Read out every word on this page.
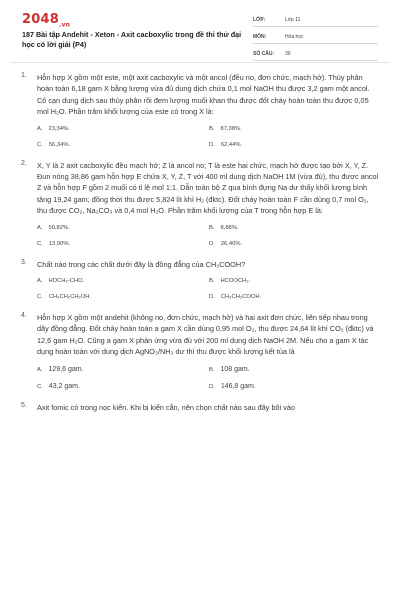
$2048_{.vn}$
187 Bài tập Andehit - Xeton - Axit cacboxylic trong đề thi thử đại học có lời giải (P4)
LỚP:	Lớp 11
MÔN:	Hóa học
SỐ CÂU:	30
1. Hỗn hợp X gồm một este, một axit cacboxylic và một ancol (đều no, đơn chức, mạch hở). Thủy phân hoàn toàn 6,18 gam X bằng lượng vừa đủ dung dịch chứa 0,1 mol NaOH thu được 3,2 gam một ancol. Cô cạn dung dịch sau thủy phân rồi đem lượng muối khan thu được đốt cháy hoàn toàn thu được 0,05 mol H₂O. Phần trăm khối lượng của este có trong X là:
A. 23,34%.	B. 87,38%.
C. 56,34%.	D. 62,44%.
2. X, Y là 2 axit cacboxylic đều mạch hở; Z là ancol no; T là este hai chức, mạch hở được tạo bởi X, Y, Z. Đun nóng 38,86 gam hỗn hợp E chứa X, Y, Z, T với 400 ml dung dịch NaOH 1M (vừa đủ), thu được ancol Z và hỗn hợp F gồm 2 muối có tỉ lệ mol 1:1. Dẫn toàn bộ Z qua bình đựng Na dư thấy khối lượng bình tăng 19,24 gam; đồng thời thu được 5,824 lít khí H₂ (đktc). Đốt cháy hoàn toàn F cần dùng 0,7 mol O₂, thu được CO₂, Na₂CO₃ và 0,4 mol H₂O. Phần trăm khối lượng của T trong hỗn hợp E là:
A. 50,82%.	B. 8,88%.
C. 13,90%.	D. 26,40%.
3. Chất nào trong các chất dưới đây là đồng đẳng của CH₃COOH?
A. HOCH₂-CHO.	B. HCOOCH₃.
C. CH₃CH₂CH₂OH.	D. CH₃CH₂COOH.
4. Hỗn hợp X gồm một andehit (không no, đơn chức, mạch hở) và hai axit đơn chức, liên tiếp nhau trong dãy đồng đẳng. Đốt cháy hoàn toàn a gam X cần dùng 0,95 mol O₂, thu được 24,64 lít khí CO₂ (đktc) và 12,6 gam H₂O. Cũng a gam X phản ứng vừa đủ với 200 ml dung dịch NaOH 2M. Nếu cho a gam X tác dụng hoàn toàn với dung dịch AgNO₃/NH₃ dư thì thu được khối lượng kết tủa là
A. 129,6 gam.	B. 108 gam.
C. 43,2 gam.	D. 146,8 gam.
5. Axit fomic có trong nọc kiến. Khi bị kiến cắn, nên chọn chất nào sau đây bôi vào
